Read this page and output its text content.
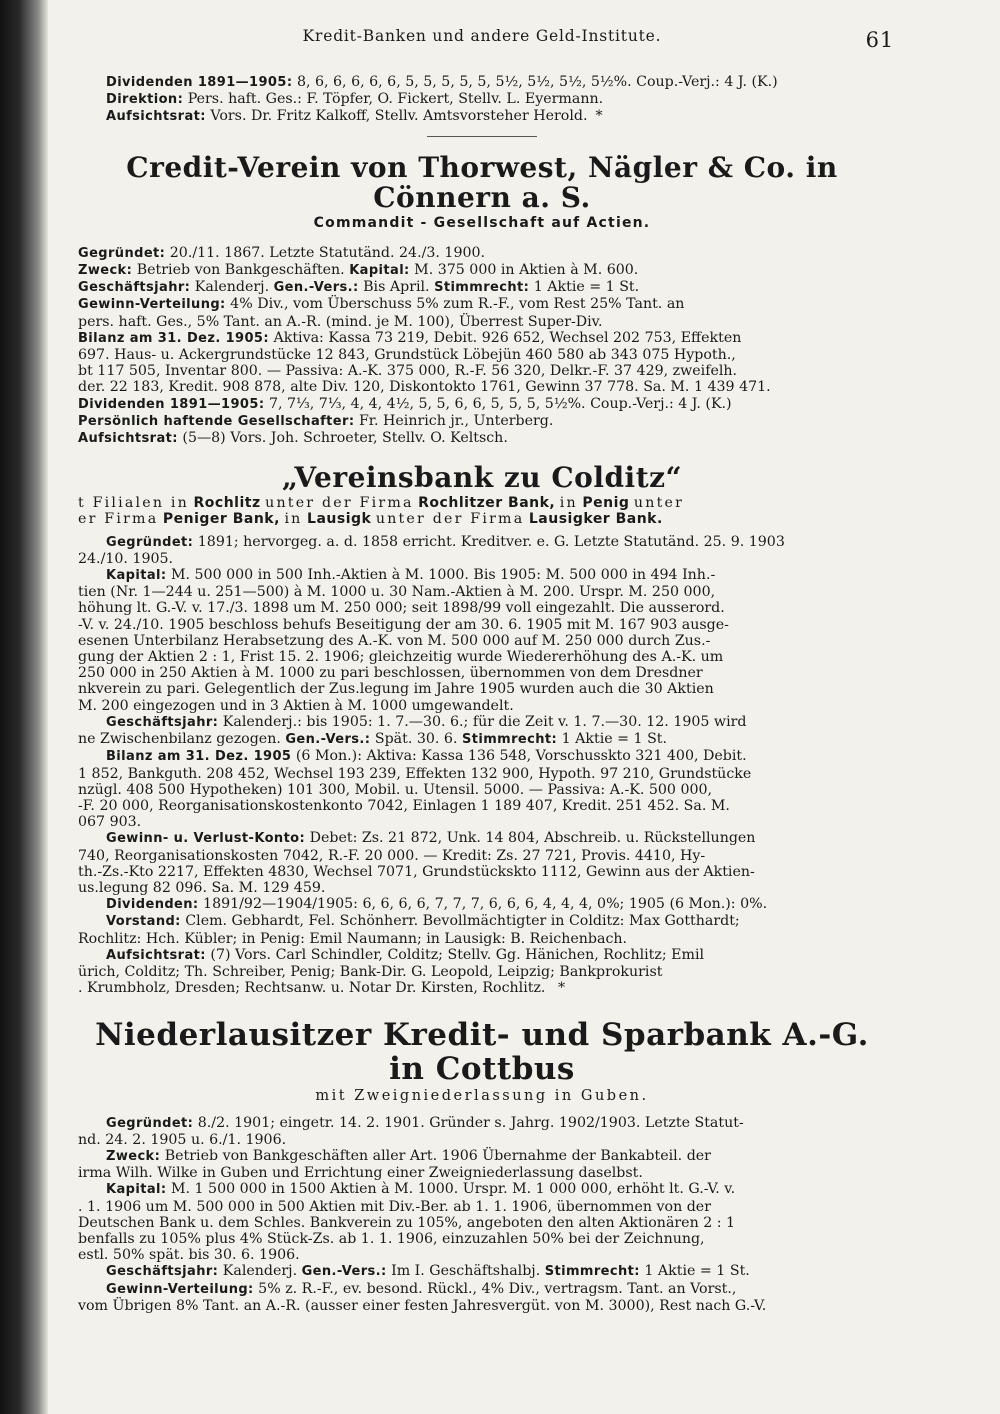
Kredit-Banken und andere Geld-Institute.	61

Dividenden 1891—1905: 8, 6, 6, 6, 6, 6, 5, 5, 5, 5, 5, 5½, 5½, 5½, 5½%. Coup.-Verj.: 4 J. (K.)

Direktion: Pers. haft. Ges.: F. Töpfer, O. Fickert, Stellv. L. Eyermann.

Aufsichtsrat: Vors. Dr. Fritz Kalkoff, Stellv. Amtsvorsteher Herold. *

Credit-Verein von Thorwest, Nägler & Co. in Cönnern a. S.
Commandit - Gesellschaft auf Actien.

Gegründet: 20./11. 1867. Letzte Statutänd. 24./3. 1900.

Zweck: Betrieb von Bankgeschäften. Kapital: M. 375 000 in Aktien à M. 600.

Geschäftsjahr: Kalenderj. Gen.-Vers.: Bis April. Stimmrecht: 1 Aktie = 1 St.

Gewinn-Verteilung: 4% Div., vom Überschuss 5% zum R.-F., vom Rest 25% Tant. an

pers. haft. Ges., 5% Tant. an A.-R. (mind. je M. 100), Überrest Super-Div.

Bilanz am 31. Dez. 1905: Aktiva: Kassa 73 219, Debit. 926 652, Wechsel 202 753, Effekten

697. Haus- u. Ackergrundstücke 12 843, Grundstück Löbejün 460 580 ab 343 075 Hypoth.,

bt 117 505, Inventar 800. — Passiva: A.-K. 375 000, R.-F. 56 320, Delkr.-F. 37 429, zweifelh.

der. 22 183, Kredit. 908 878, alte Div. 120, Diskontokto 1761, Gewinn 37 778. Sa. M. 1 439 471.

Dividenden 1891—1905: 7, 7⅓, 7⅓, 4, 4, 4½, 5, 5, 6, 6, 5, 5, 5, 5½%. Coup.-Verj.: 4 J. (K.)

Persönlich haftende Gesellschafter: Fr. Heinrich jr., Unterberg.

Aufsichtsrat: (5—8) Vors. Joh. Schroeter, Stellv. O. Keltsch.

„Vereinsbank zu Colditz“

t Filialen in Rochlitz unter der Firma Rochlitzer Bank, in Penig unter

er Firma Peniger Bank, in Lausigk unter der Firma Lausigker Bank.

Gegründet: 1891; hervorgeg. a. d. 1858 erricht. Kreditver. e. G. Letzte Statutänd. 25. 9. 1903

24./10. 1905.

Kapital: M. 500 000 in 500 Inh.-Aktien à M. 1000. Bis 1905: M. 500 000 in 494 Inh.-

tien (Nr. 1—244 u. 251—500) à M. 1000 u. 30 Nam.-Aktien à M. 200. Urspr. M. 250 000,

höhung lt. G.-V. v. 17./3. 1898 um M. 250 000; seit 1898/99 voll eingezahlt. Die ausserord.

-V. v. 24./10. 1905 beschloss behufs Beseitigung der am 30. 6. 1905 mit M. 167 903 ausge-

esenen Unterbilanz Herabsetzung des A.-K. von M. 500 000 auf M. 250 000 durch Zus.-

gung der Aktien 2 : 1, Frist 15. 2. 1906; gleichzeitig wurde Wiedererhöhung des A.-K. um

250 000 in 250 Aktien à M. 1000 zu pari beschlossen, übernommen von dem Dresdner

nkverein zu pari. Gelegentlich der Zus.legung im Jahre 1905 wurden auch die 30 Aktien

M. 200 eingezogen und in 3 Aktien à M. 1000 umgewandelt.

Geschäftsjahr: Kalenderj.: bis 1905: 1. 7.—30. 6.; für die Zeit v. 1. 7.—30. 12. 1905 wird

ne Zwischenbilanz gezogen. Gen.-Vers.: Spät. 30. 6. Stimmrecht: 1 Aktie = 1 St.

Bilanz am 31. Dez. 1905 (6 Mon.): Aktiva: Kassa 136 548, Vorschusskto 321 400, Debit.

1 852, Bankguth. 208 452, Wechsel 193 239, Effekten 132 900, Hypoth. 97 210, Grundstücke

nzügl. 408 500 Hypotheken) 101 300, Mobil. u. Utensil. 5000. — Passiva: A.-K. 500 000,

-F. 20 000, Reorganisationskostenkonto 7042, Einlagen 1 189 407, Kredit. 251 452. Sa. M.

067 903.

Gewinn- u. Verlust-Konto: Debet: Zs. 21 872, Unk. 14 804, Abschreib. u. Rückstellungen

740, Reorganisationskosten 7042, R.-F. 20 000. — Kredit: Zs. 27 721, Provis. 4410, Hy-

th.-Zs.-Kto 2217, Effekten 4830, Wechsel 7071, Grundstückskto 1112, Gewinn aus der Aktien-

us.legung 82 096. Sa. M. 129 459.

Dividenden: 1891/92—1904/1905: 6, 6, 6, 6, 7, 7, 7, 6, 6, 6, 4, 4, 4, 0%; 1905 (6 Mon.): 0%.

Vorstand: Clem. Gebhardt, Fel. Schönherr. Bevollmächtigter in Colditz: Max Gotthardt;

Rochlitz: Hch. Kübler; in Penig: Emil Naumann; in Lausigk: B. Reichenbach.

Aufsichtsrat: (7) Vors. Carl Schindler, Colditz; Stellv. Gg. Hänichen, Rochlitz; Emil

ürich, Colditz; Th. Schreiber, Penig; Bank-Dir. G. Leopold, Leipzig; Bankprokurist

. Krumbholz, Dresden; Rechtsanw. u. Notar Dr. Kirsten, Rochlitz. *

Niederlausitzer Kredit- und Sparbank A.-G. in Cottbus
mit Zweigniederlassung in Guben.

Gegründet: 8./2. 1901; eingetr. 14. 2. 1901. Gründer s. Jahrg. 1902/1903. Letzte Statut-

nd. 24. 2. 1905 u. 6./1. 1906.

Zweck: Betrieb von Bankgeschäften aller Art. 1906 Übernahme der Bankabteil. der

irma Wilh. Wilke in Guben und Errichtung einer Zweigniederlassung daselbst.

Kapital: M. 1 500 000 in 1500 Aktien à M. 1000. Urspr. M. 1 000 000, erhöht lt. G.-V. v.

. 1. 1906 um M. 500 000 in 500 Aktien mit Div.-Ber. ab 1. 1. 1906, übernommen von der

Deutschen Bank u. dem Schles. Bankverein zu 105%, angeboten den alten Aktionären 2 : 1

benfalls zu 105% plus 4% Stück-Zs. ab 1. 1. 1906, einzuzahlen 50% bei der Zeichnung,

estl. 50% spät. bis 30. 6. 1906.

Geschäftsjahr: Kalenderj. Gen.-Vers.: Im I. Geschäftshalbj. Stimmrecht: 1 Aktie = 1 St.

Gewinn-Verteilung: 5% z. R.-F., ev. besond. Rückl., 4% Div., vertragsm. Tant. an Vorst.,

vom Übrigen 8% Tant. an A.-R. (ausser einer festen Jahresvergüt. von M. 3000), Rest nach G.-V.
